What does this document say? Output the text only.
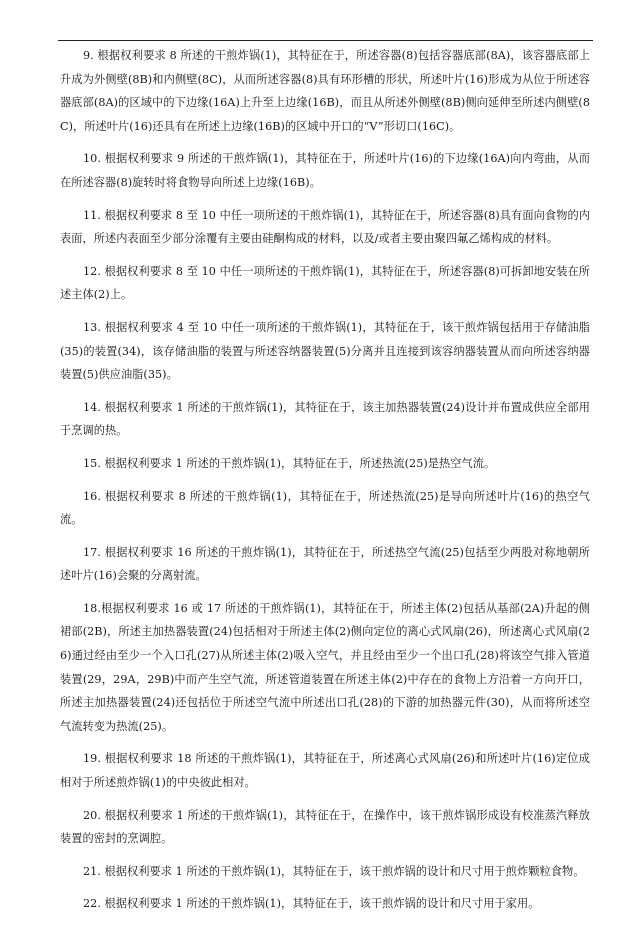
9. 根据权利要求 8 所述的干煎炸锅(1)，其特征在于，所述容器(8)包括容器底部(8A)，该容器底部上升成为外侧壁(8B)和内侧壁(8C)，从而所述容器(8)具有环形槽的形状，所述叶片(16)形成为从位于所述容器底部(8A)的区域中的下边缘(16A)上升至上边缘(16B)，而且从所述外侧壁(8B)侧向延伸至所述内侧壁(8C)，所述叶片(16)还具有在所述上边缘(16B)的区域中开口的“V”形切口(16C)。

10. 根据权利要求 9 所述的干煎炸锅(1)，其特征在于，所述叶片(16)的下边缘(16A)向内弯曲，从而在所述容器(8)旋转时将食物导向所述上边缘(16B)。

11. 根据权利要求 8 至 10 中任一项所述的干煎炸锅(1)，其特征在于，所述容器(8)具有面向食物的内表面，所述内表面至少部分涂覆有主要由硅酮构成的材料，以及/或者主要由聚四氟乙烯构成的材料。

12. 根据权利要求 8 至 10 中任一项所述的干煎炸锅(1)，其特征在于，所述容器(8)可拆卸地安装在所述主体(2)上。

13. 根据权利要求 4 至 10 中任一项所述的干煎炸锅(1)，其特征在于，该干煎炸锅包括用于存储油脂(35)的装置(34)，该存储油脂的装置与所述容纳器装置(5)分离并且连接到该容纳器装置从而向所述容纳器装置(5)供应油脂(35)。

14. 根据权利要求 1 所述的干煎炸锅(1)，其特征在于，该主加热器装置(24)设计并布置成供应全部用于烹调的热。

15. 根据权利要求 1 所述的干煎炸锅(1)，其特征在于，所述热流(25)是热空气流。

16. 根据权利要求 8 所述的干煎炸锅(1)，其特征在于，所述热流(25)是导向所述叶片(16)的热空气流。

17. 根据权利要求 16 所述的干煎炸锅(1)，其特征在于，所述热空气流(25)包括至少两股对称地朝所述叶片(16)会聚的分离射流。

18.根据权利要求 16 或 17 所述的干煎炸锅(1)，其特征在于，所述主体(2)包括从基部(2A)升起的侧裙部(2B)，所述主加热器装置(24)包括相对于所述主体(2)侧向定位的离心式风扇(26)，所述离心式风扇(26)通过经由至少一个入口孔(27)从所述主体(2)吸入空气，并且经由至少一个出口孔(28)将该空气排入管道装置(29，29A，29B)中而产生空气流，所述管道装置在所述主体(2)中存在的食物上方沿着一方向开口，所述主加热器装置(24)还包括位于所述空气流中所述出口孔(28)的下游的加热器元件(30)，从而将所述空气流转变为热流(25)。

19. 根据权利要求 18 所述的干煎炸锅(1)，其特征在于，所述离心式风扇(26)和所述叶片(16)定位成相对于所述煎炸锅(1)的中央彼此相对。

20. 根据权利要求 1 所述的干煎炸锅(1)，其特征在于，在操作中，该干煎炸锅形成设有校准蒸汽释放装置的密封的烹调腔。

21. 根据权利要求 1 所述的干煎炸锅(1)，其特征在于，该干煎炸锅的设计和尺寸用于煎炸颗粒食物。

22. 根据权利要求 1 所述的干煎炸锅(1)，其特征在于，该干煎炸锅的设计和尺寸用于家用。
